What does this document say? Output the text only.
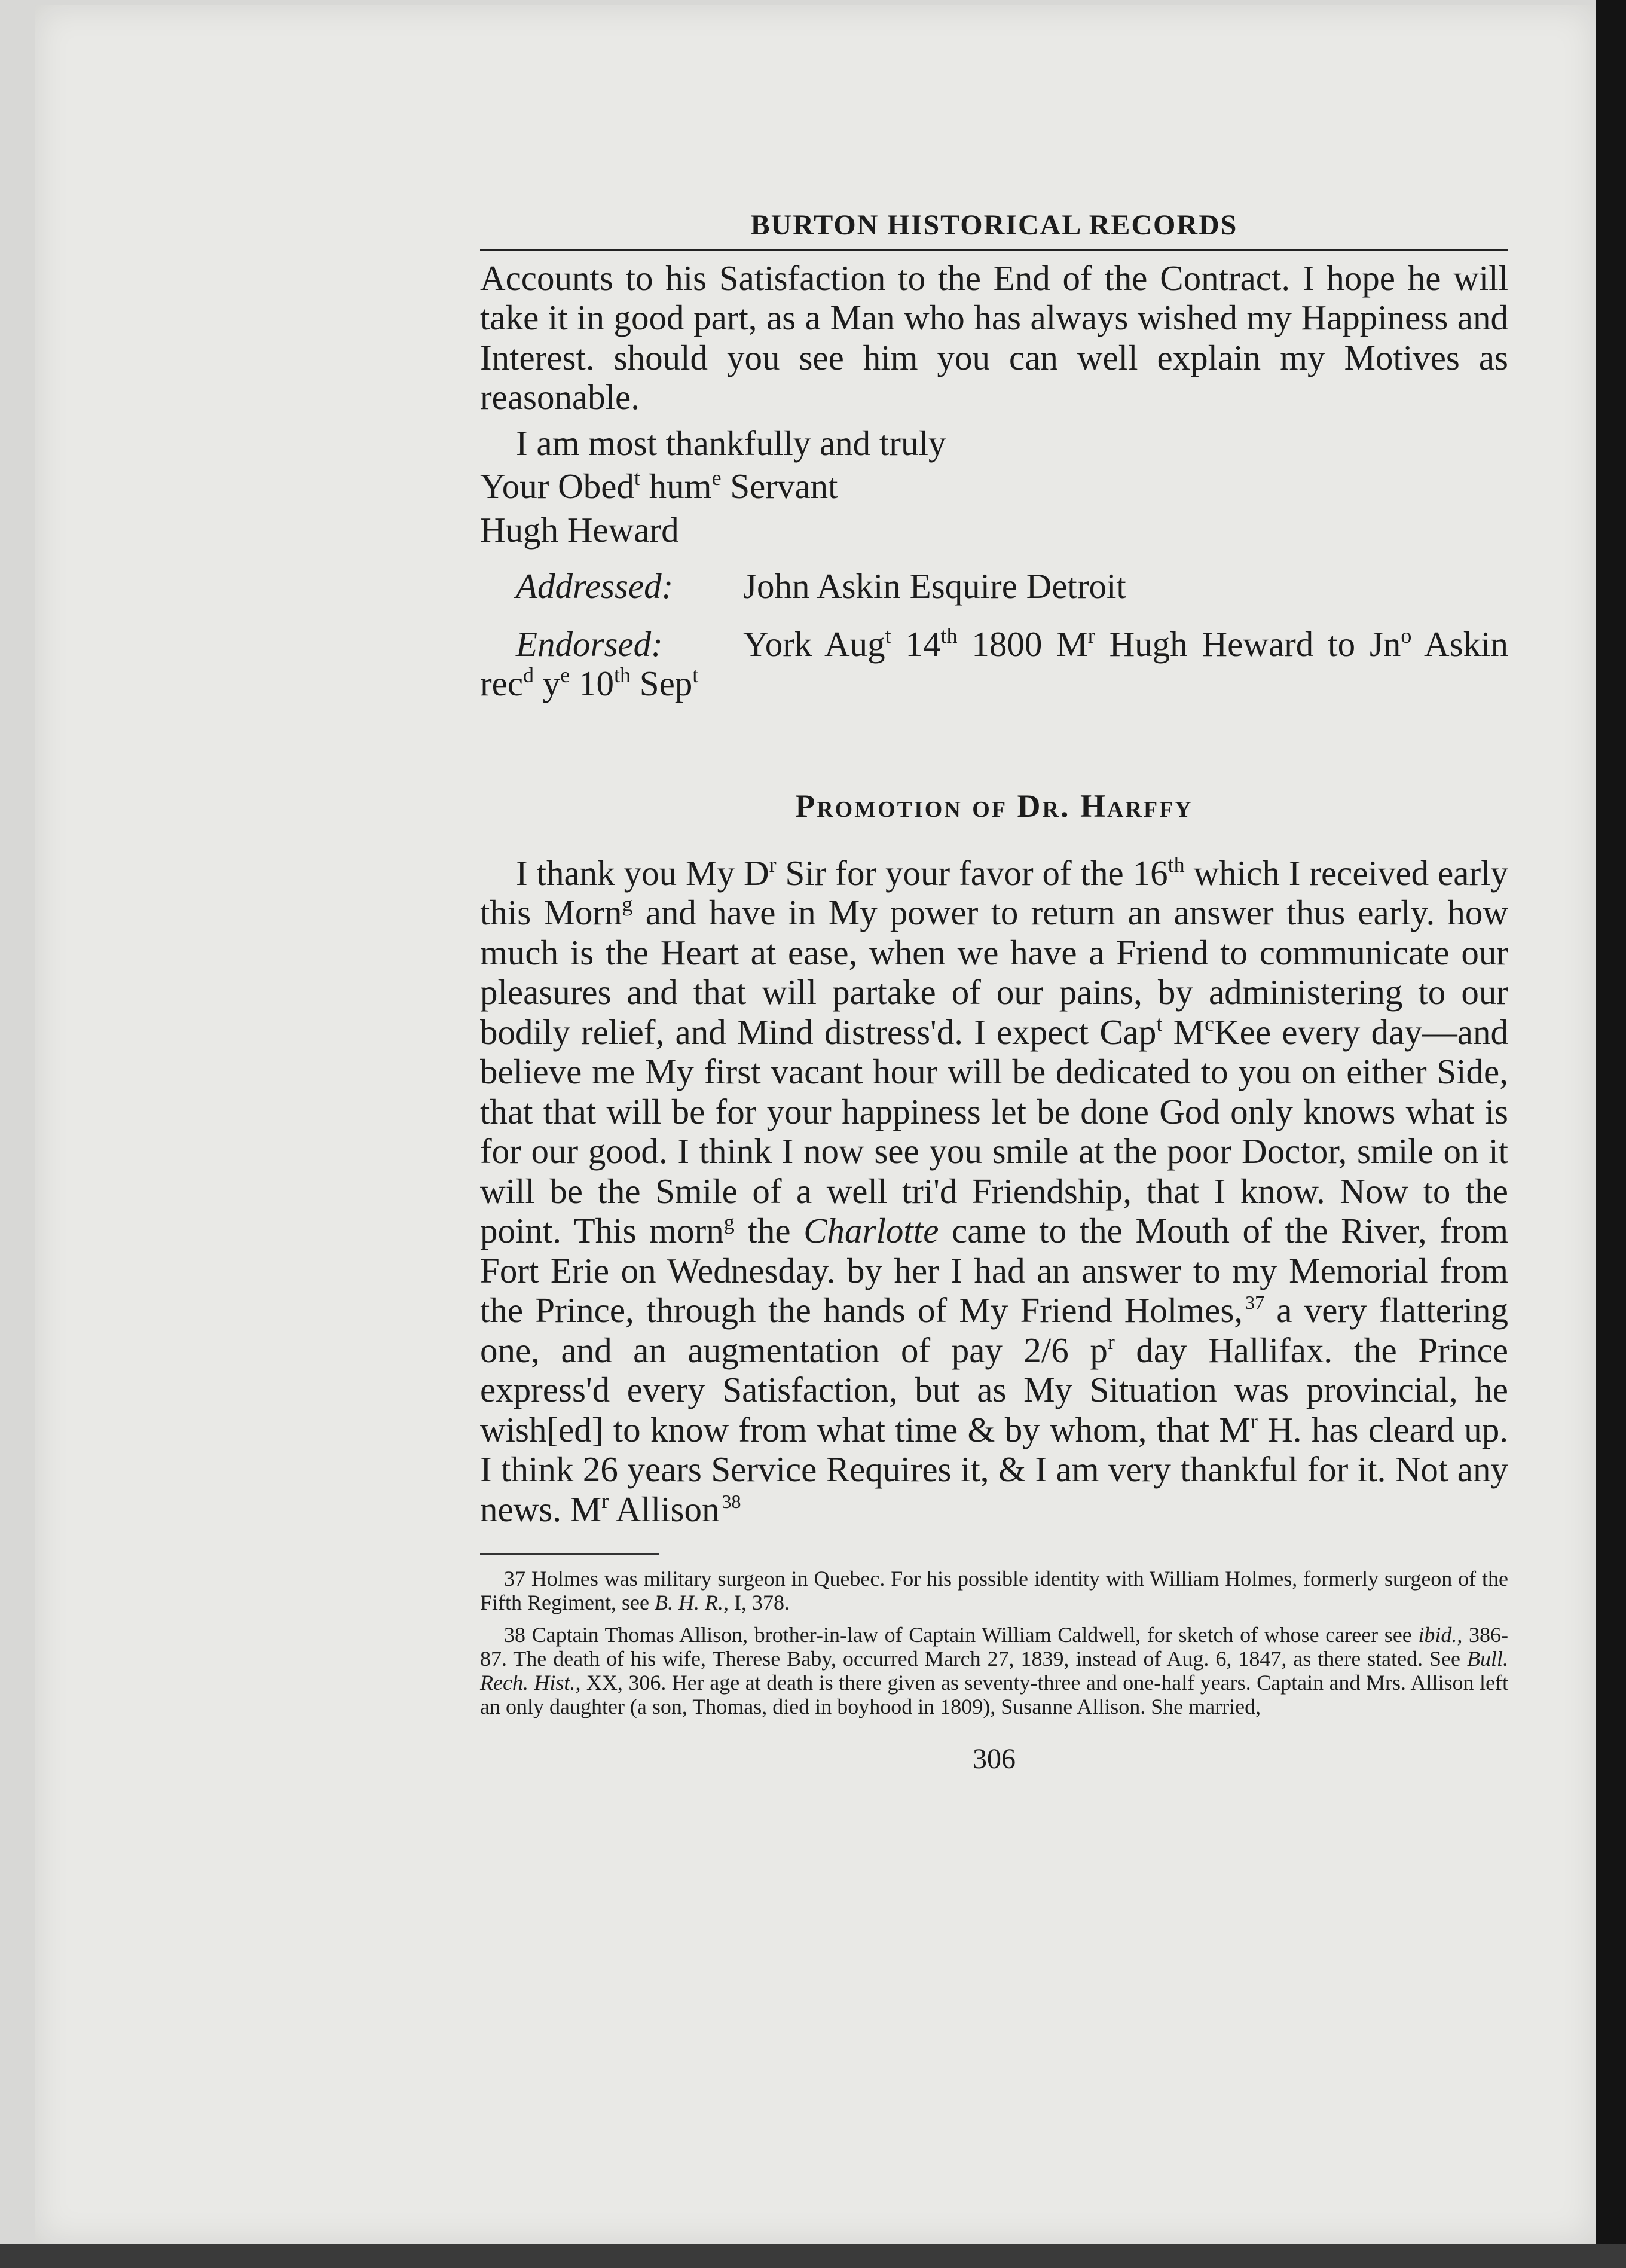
BURTON HISTORICAL RECORDS

Accounts to his Satisfaction to the End of the Contract. I hope he will take it in good part, as a Man who has always wished my Happiness and Interest. should you see him you can well explain my Motives as reasonable.

I am most thankfully and truly

Your Obed$^t$ hum$^e$ Servant

Hugh Heward

Addressed: John Askin Esquire Detroit

Endorsed: York Aug$^t$ 14th 1800 $M^r$ Hugh Heward to Jn$^o$ Askin rec$^d$ $y^e$ 10th Sep$^t$

Promotion of Dr. Harffy

I thank you My $D^r$ Sir for your favor of the 16th which I received early this Morn$^g$ and have in My power to return an answer thus early. how much is the Heart at ease, when we have a Friend to communicate our pleasures and that will partake of our pains, by administering to our bodily relief, and Mind distress'd. I expect Cap$^t$ $M^cKee$ every day—and believe me My first vacant hour will be dedicated to you on either Side, that that will be for your happiness let be done God only knows what is for our good. I think I now see you smile at the poor Doctor, smile on it will be the Smile of a well tri'd Friendship, that I know. Now to the point. This morn$^g$ the Charlotte came to the Mouth of the River, from Fort Erie on Wednesday. by her I had an answer to my Memorial from the Prince, through the hands of My Friend Holmes, $^{37}$ a very flattering one, and an augmentation of pay 2/6 $p^r$ day Hallifax. the Prince express'd every Satisfaction, but as My Situation was provincial, he wish[ed] to know from what time & by whom, that $M^r$ H. has cleard up. I think 26 years Service Requires it, & I am very thankful for it. Not any news. $M^r$ Allison $^{38}$

37 Holmes was military surgeon in Quebec. For his possible identity with William Holmes, formerly surgeon of the Fifth Regiment, see B. H. R., I, 378.

38 Captain Thomas Allison, brother-in-law of Captain William Caldwell, for sketch of whose career see ibid., 386-87. The death of his wife, Therese Baby, occurred March 27, 1839, instead of Aug. 6, 1847, as there stated. See Bull. Rech. Hist., XX, 306. Her age at death is there given as seventy-three and one-half years. Captain and Mrs. Allison left an only daughter (a son, Thomas, died in boyhood in 1809), Susanne Allison. She married,

306
